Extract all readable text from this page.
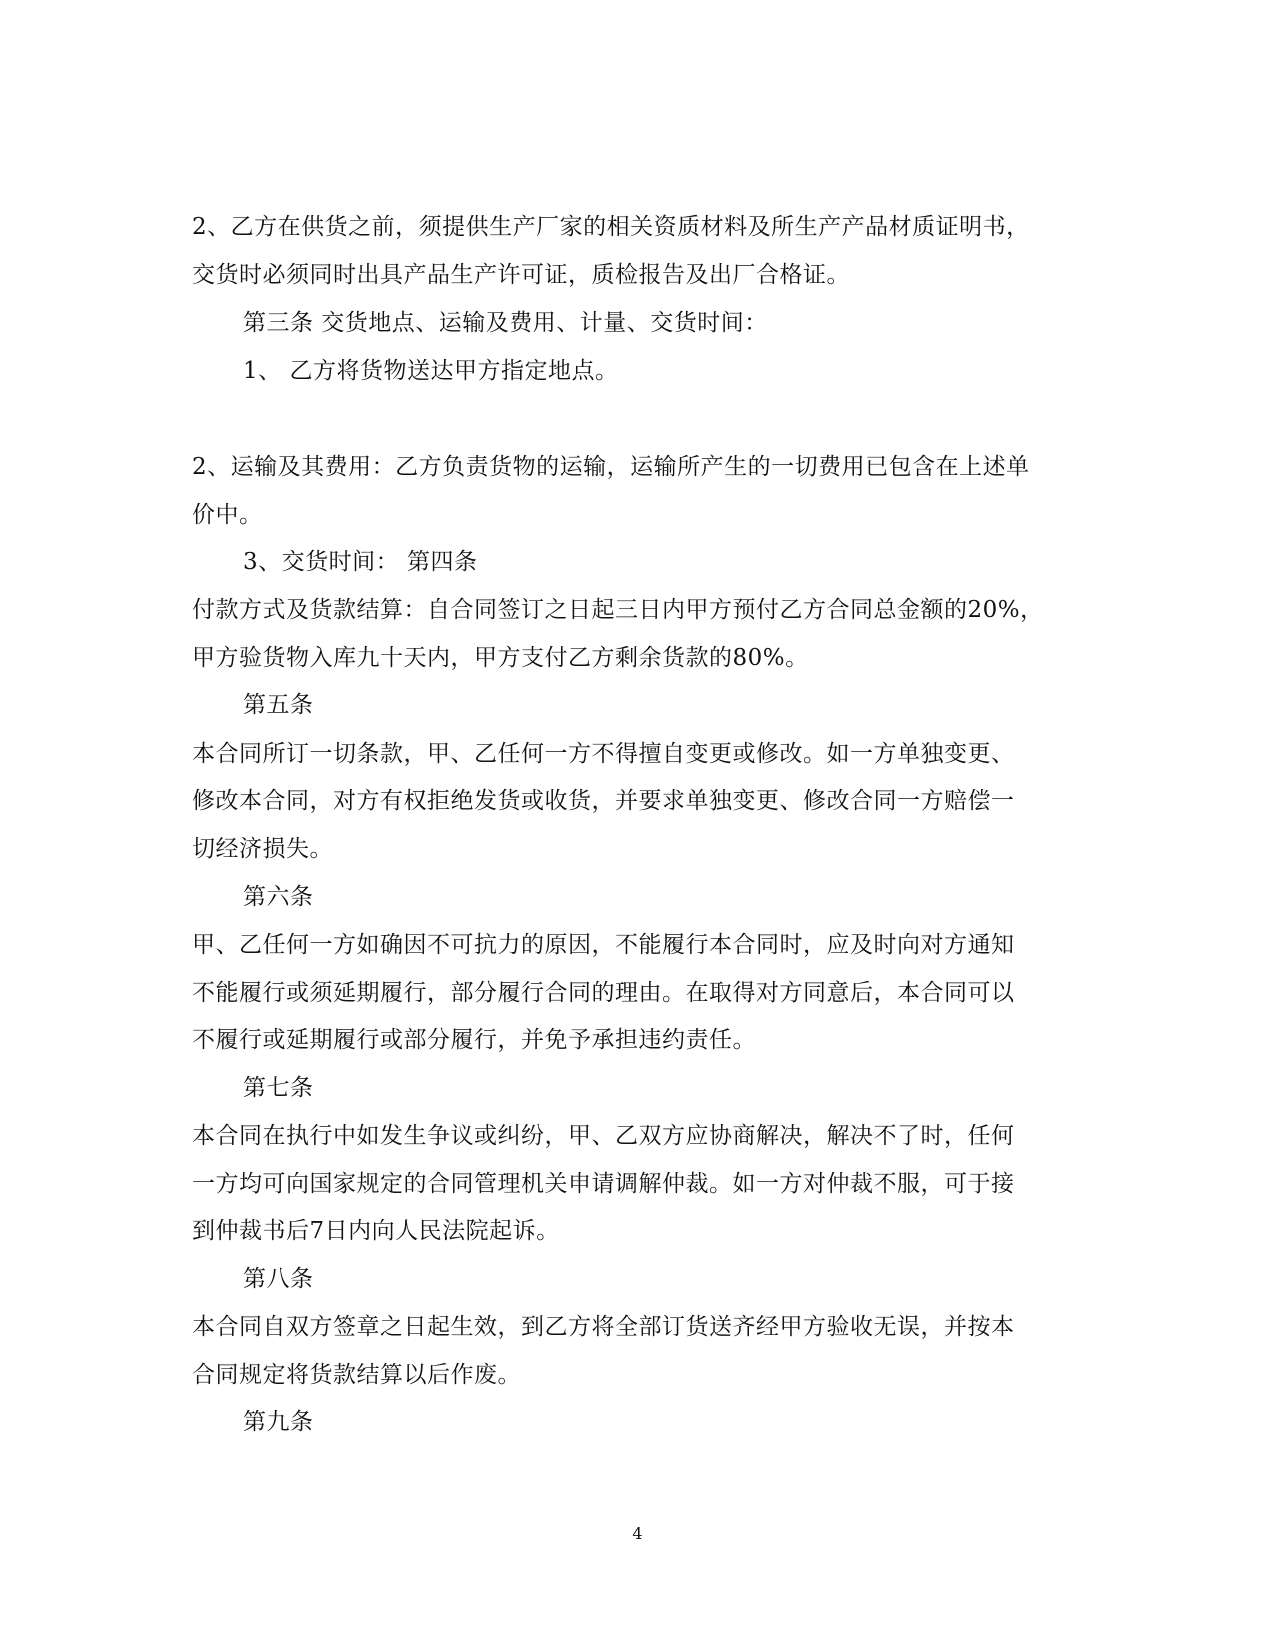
2、乙方在供货之前，须提供生产厂家的相关资质材料及所生产产品材质证明书，
交货时必须同时出具产品生产许可证，质检报告及出厂合格证。
第三条 交货地点、运输及费用、计量、交货时间：
1、 乙方将货物送达甲方指定地点。
2、运输及其费用：乙方负责货物的运输，运输所产生的一切费用已包含在上述单
价中。
3、交货时间： 第四条
付款方式及货款结算：自合同签订之日起三日内甲方预付乙方合同总金额的20%，
甲方验货物入库九十天内，甲方支付乙方剩余货款的80%。
第五条
本合同所订一切条款，甲、乙任何一方不得擅自变更或修改。如一方单独变更、
修改本合同，对方有权拒绝发货或收货，并要求单独变更、修改合同一方赔偿一
切经济损失。
第六条
甲、乙任何一方如确因不可抗力的原因，不能履行本合同时，应及时向对方通知
不能履行或须延期履行，部分履行合同的理由。在取得对方同意后，本合同可以
不履行或延期履行或部分履行，并免予承担违约责任。
第七条
本合同在执行中如发生争议或纠纷，甲、乙双方应协商解决，解决不了时，任何
一方均可向国家规定的合同管理机关申请调解仲裁。如一方对仲裁不服，可于接
到仲裁书后7日内向人民法院起诉。
第八条
本合同自双方签章之日起生效，到乙方将全部订货送齐经甲方验收无误，并按本
合同规定将货款结算以后作废。
第九条
4
